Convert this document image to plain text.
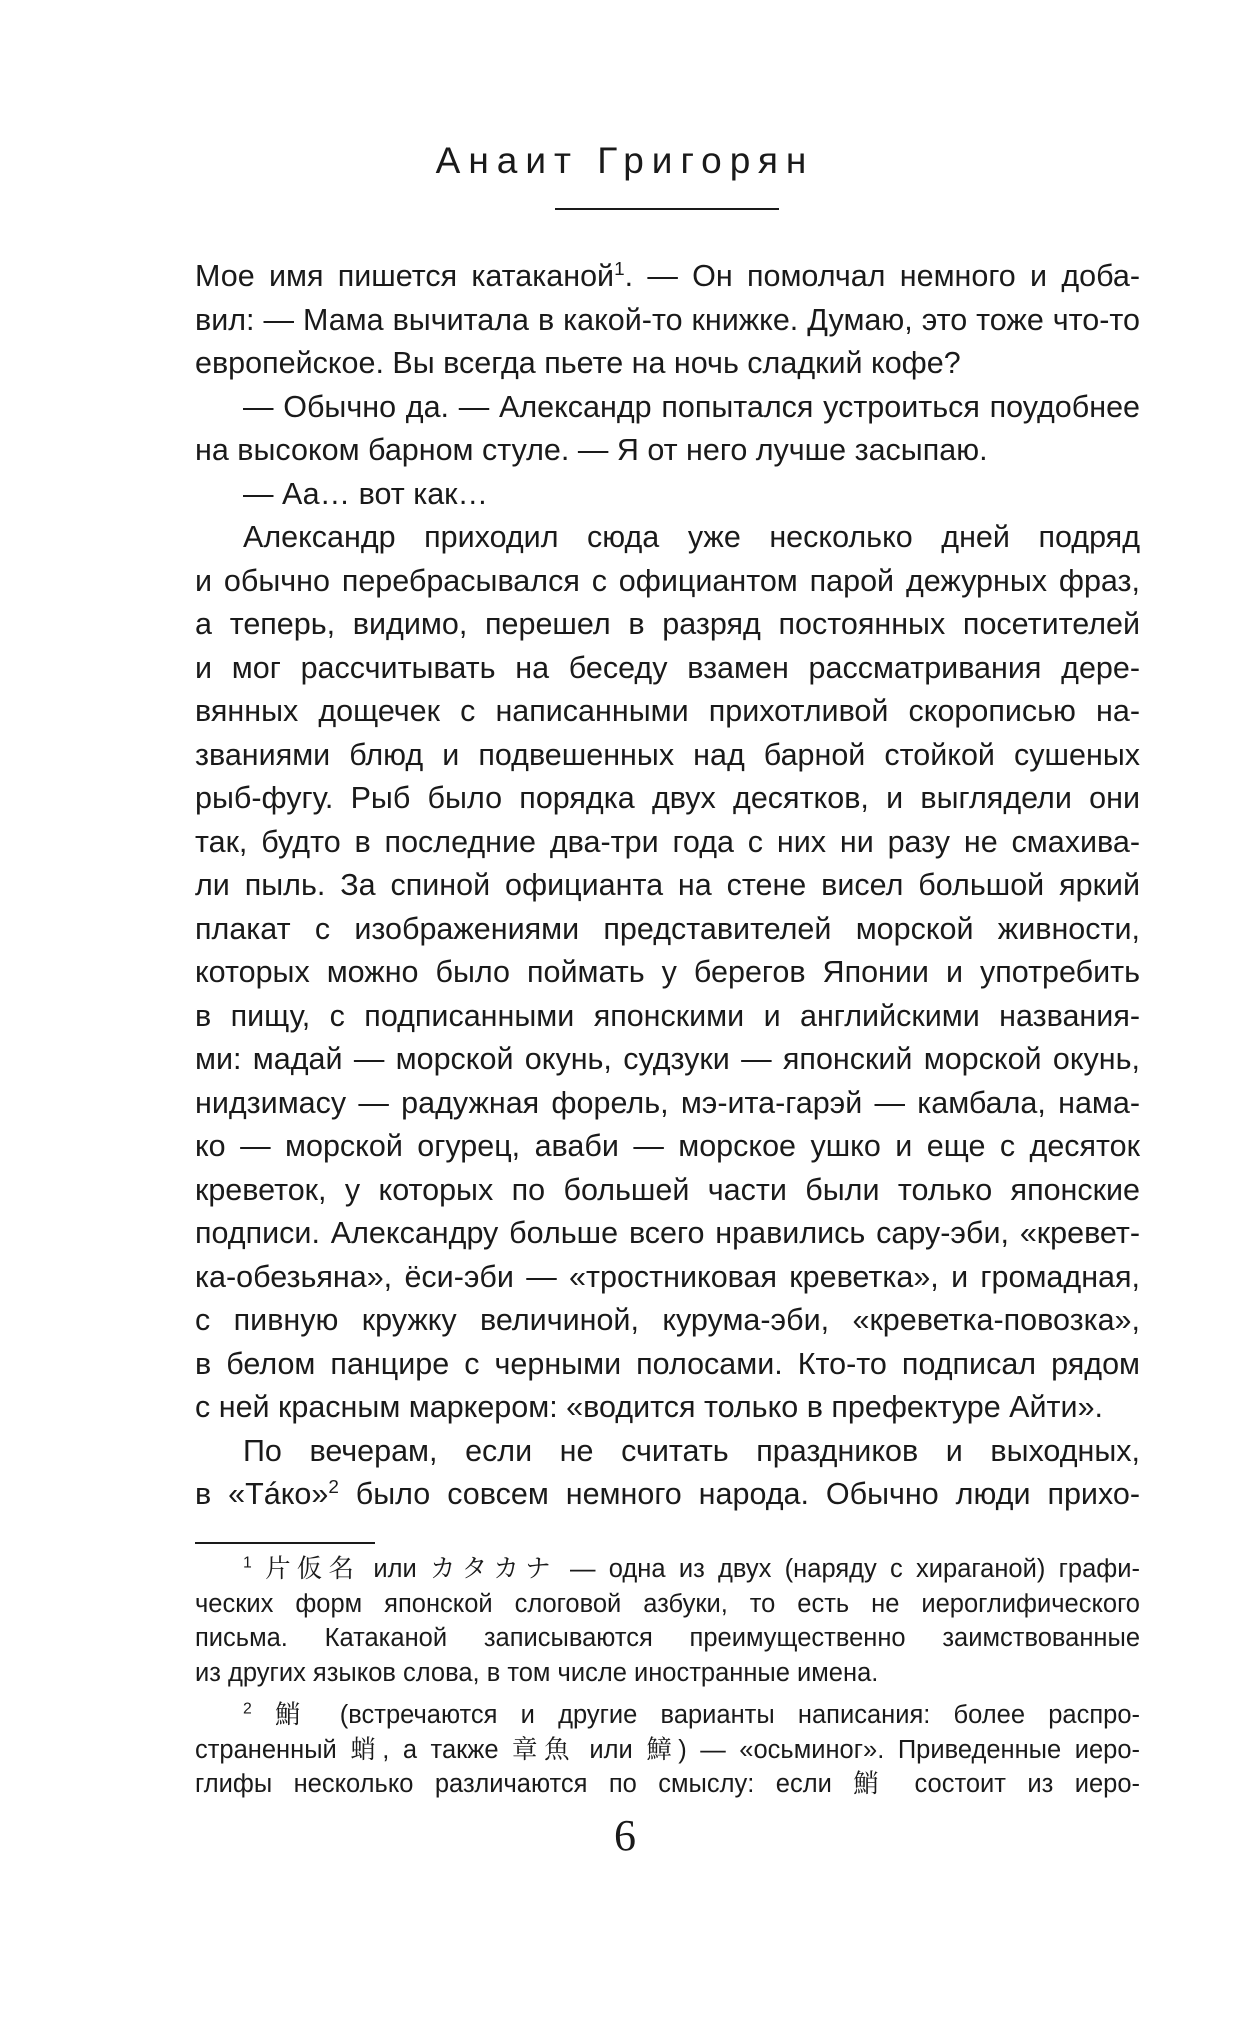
Анаит Григорян
Мое имя пишется катаканой$^1$. — Он помолчал немного и доба-
вил: — Мама вычитала в какой-то книжке. Думаю, это тоже что-то
европейское. Вы всегда пьете на ночь сладкий кофе?
— Обычно да. — Александр попытался устроиться поудобнее
на высоком барном стуле. — Я от него лучше засыпаю.
— Аа… вот как…
Александр приходил сюда уже несколько дней подряд
и обычно перебрасывался с официантом парой дежурных фраз,
а теперь, видимо, перешел в разряд постоянных посетителей
и мог рассчитывать на беседу взамен рассматривания дере-
вянных дощечек с написанными прихотливой скорописью на-
званиями блюд и подвешенных над барной стойкой сушеных
рыб-фугу. Рыб было порядка двух десятков, и выглядели они
так, будто в последние два-три года с них ни разу не смахива-
ли пыль. За спиной официанта на стене висел большой яркий
плакат с изображениями представителей морской живности,
которых можно было поймать у берегов Японии и употребить
в пищу, с подписанными японскими и английскими названия-
ми: мадай — морской окунь, судзуки — японский морской окунь,
нидзимасу — радужная форель, мэ-ита-гарэй — камбала, нама-
ко — морской огурец, аваби — морское ушко и еще с десяток
креветок, у которых по большей части были только японские
подписи. Александру больше всего нравились сару-эби, «кревет-
ка-обезьяна», ёси-эби — «тростниковая креветка», и громадная,
с пивную кружку величиной, курума-эби, «креветка-повозка»,
в белом панцире с черными полосами. Кто-то подписал рядом
с ней красным маркером: «водится только в префектуре Айти».
По вечерам, если не считать праздников и выходных,
в «Тáко»$^2$ было совсем немного народа. Обычно люди прихо-
$^1$ 片仮名 или カタカナ — одна из двух (наряду с хираганой) графи-
ческих форм японской слоговой азбуки, то есть не иероглифического
письма. Катаканой записываются преимущественно заимствованные
из других языков слова, в том числе иностранные имена.
$^2$ 鮹 (встречаются и другие варианты написания: более распро-
страненный 蛸, а также 章魚 или 鱆) — «осьминог». Приведенные иеро-
глифы несколько различаются по смыслу: если 鮹 состоит из иеро-
6
